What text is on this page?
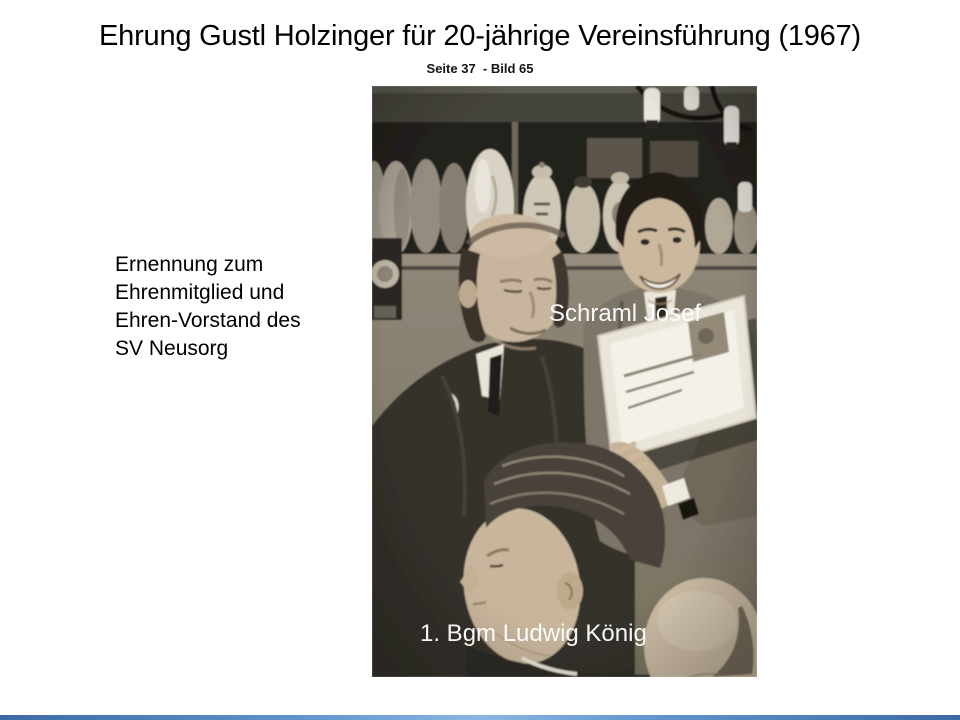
Ehrung Gustl Holzinger für 20-jährige Vereinsführung (1967)
Seite 37  - Bild 65
Ernennung zum
Ehrenmitglied und
Ehren-Vorstand des
SV Neusorg
Schraml Josef
1. Bgm Ludwig König
